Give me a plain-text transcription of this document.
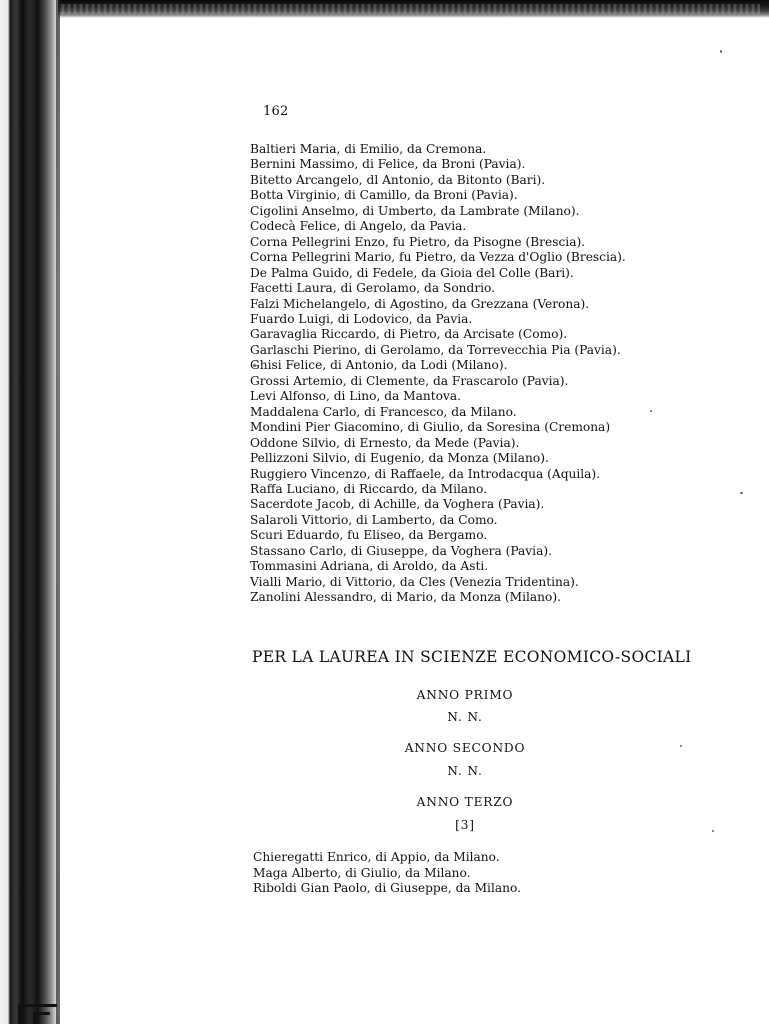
162
Baltieri Maria, di Emilio, da Cremona.
Bernini Massimo, di Felice, da Broni (Pavia).
Bitetto Arcangelo, dl Antonio, da Bitonto (Bari).
Botta Virginio, di Camillo, da Broni (Pavia).
Cigolini Anselmo, di Umberto, da Lambrate (Milano).
Codecà Felice, di Angelo, da Pavia.
Corna Pellegrini Enzo, fu Pietro, da Pisogne (Brescia).
Corna Pellegrini Mario, fu Pietro, da Vezza d'Oglio (Brescia).
De Palma Guido, di Fedele, da Gioia del Colle (Bari).
Facetti Laura, di Gerolamo, da Sondrio.
Falzi Michelangelo, di Agostino, da Grezzana (Verona).
Fuardo Luigi, di Lodovico, da Pavia.
Garavaglia Riccardo, di Pietro, da Arcisate (Como).
Garlaschi Pierino, di Gerolamo, da Torrevecchia Pia (Pavia).
Ghisi Felice, di Antonio, da Lodi (Milano).
Grossi Artemio, di Clemente, da Frascarolo (Pavia).
Levi Alfonso, di Lino, da Mantova.
Maddalena Carlo, di Francesco, da Milano.
Mondini Pier Giacomino, di Giulio, da Soresina (Cremona)
Oddone Silvio, di Ernesto, da Mede (Pavia).
Pellizzoni Silvio, di Eugenio, da Monza (Milano).
Ruggiero Vincenzo, di Raffaele, da Introdacqua (Aquila).
Raffa Luciano, di Riccardo, da Milano.
Sacerdote Jacob, di Achille, da Voghera (Pavia).
Salaroli Vittorio, di Lamberto, da Como.
Scuri Eduardo, fu Eliseo, da Bergamo.
Stassano Carlo, di Giuseppe, da Voghera (Pavia).
Tommasini Adriana, di Aroldo, da Asti.
Vialli Mario, di Vittorio, da Cles (Venezia Tridentina).
Zanolini Alessandro, di Mario, da Monza (Milano).
PER LA LAUREA IN SCIENZE ECONOMICO-SOCIALI
ANNO PRIMO
N. N.
ANNO SECONDO
N. N.
ANNO TERZO
[3]
Chieregatti Enrico, di Appio, da Milano.
Maga Alberto, di Giulio, da Milano.
Riboldi Gian Paolo, di Giuseppe, da Milano.
